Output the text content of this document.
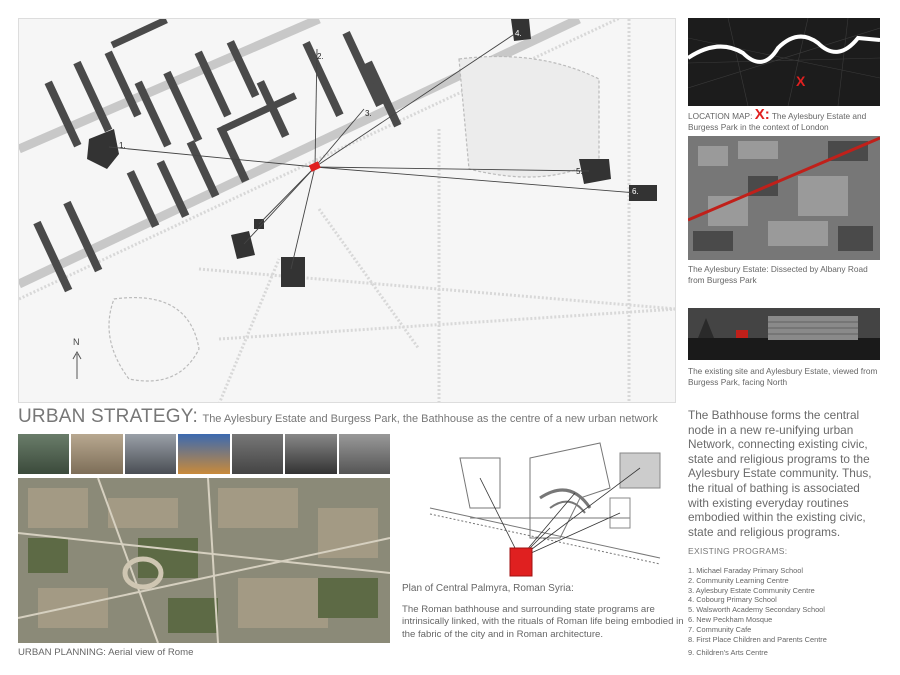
1.
2.
3.
4.
5.
6.
N
X
LOCATION MAP: X: The Aylesbury Estate and Burgess Park in the context of London
The Aylesbury Estate: Dissected by Albany Road from Burgess Park
The existing site and Aylesbury Estate, viewed from Burgess Park, facing North
URBAN STRATEGY: The Aylesbury Estate and Burgess Park, the Bathhouse as the centre of a new urban network	The Bathhouse forms the central node in a new re-unifying urban Network, connecting existing civic, state and religious programs to the Aylesbury Estate community. Thus, the ritual of bathing is associated with existing everyday routines embodied within the existing civic, state and religious programs.
EXISTING PROGRAMS:
1. Michael Faraday Primary School
2. Community Learning Centre
3. Aylesbury Estate Community Centre
4. Cobourg Primary School
5. Walsworth Academy Secondary School
6. New Peckham Mosque
7. Community Cafe
8. First Place Children and Parents Centre
9. Children's Arts Centre
URBAN PLANNING: Aerial view of Rome
Plan of Central Palmyra, Roman Syria:
The Roman bathhouse and surrounding state programs are intrinsically linked, with the rituals of Roman life being embodied in the fabric of the city and in Roman architecture.
